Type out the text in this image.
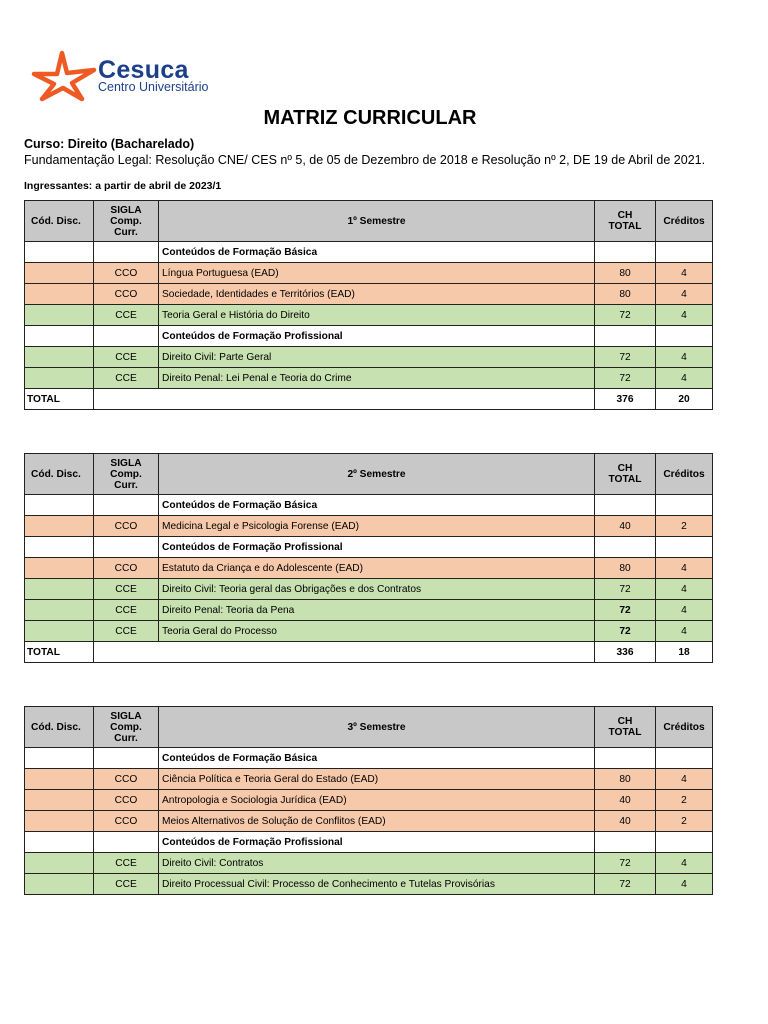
Cesuca
Centro Universitário
MATRIZ CURRICULAR
Curso: Direito (Bacharelado)
Fundamentação Legal: Resolução CNE/ CES nº 5, de 05 de Dezembro de 2018 e Resolução nº 2, DE 19 de Abril de 2021.
Ingressantes: a partir de abril de 2023/1
Cód. Disc.	SIGLA
Comp.
Curr.	1º Semestre	CH
TOTAL	Créditos
		Conteúdos de Formação Básica		
	CCO	Língua Portuguesa (EAD)	80	4
	CCO	Sociedade, Identidades e Territórios (EAD)	80	4
	CCE	Teoria Geral e História do Direito	72	4
		Conteúdos de Formação Profissional		
	CCE	Direito Civil: Parte Geral	72	4
	CCE	Direito Penal: Lei Penal e Teoria do Crime	72	4
TOTAL			376	20
Cód. Disc.	SIGLA
Comp.
Curr.	2º Semestre	CH
TOTAL	Créditos
		Conteúdos de Formação Básica		
	CCO	Medicina Legal e Psicologia Forense (EAD)	40	2
		Conteúdos de Formação Profissional		
	CCO	Estatuto da Criança e do Adolescente (EAD)	80	4
	CCE	Direito Civil: Teoria geral das Obrigações e dos Contratos	72	4
	CCE	Direito Penal: Teoria da Pena	72	4
	CCE	Teoria Geral do Processo	72	4
TOTAL			336	18
Cód. Disc.	SIGLA
Comp.
Curr.	3º Semestre	CH
TOTAL	Créditos
		Conteúdos de Formação Básica		
	CCO	Ciência Política e Teoria Geral do Estado (EAD)	80	4
	CCO	Antropologia e Sociologia Jurídica (EAD)	40	2
	CCO	Meios Alternativos de Solução de Conflitos (EAD)	40	2
		Conteúdos de Formação Profissional		
	CCE	Direito Civil: Contratos	72	4
	CCE	Direito Processual Civil: Processo de Conhecimento e Tutelas Provisórias	72	4
